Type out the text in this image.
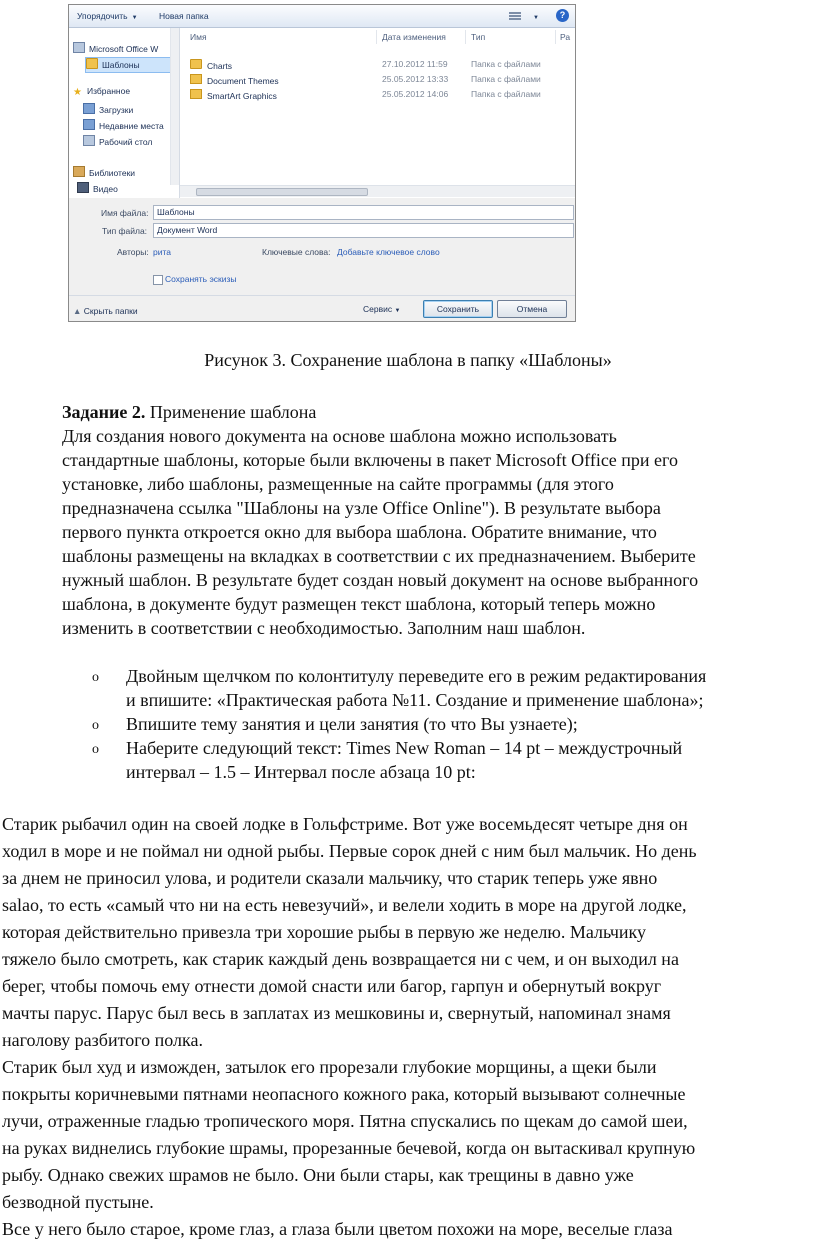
Упорядочить ▼	Новая папка	▼	?
Microsoft Office W
Шаблоны
★ Избранное
Загрузки
Недавние места
Рабочий стол
Библиотеки
Видео
Имя	Дата изменения	Тип	Ра
Charts	27.10.2012 11:59	Папка с файлами
Document Themes	25.05.2012 13:33	Папка с файлами
SmartArt Graphics	25.05.2012 14:06	Папка с файлами
Имя файла:	Шаблоны
Тип файла:	Документ Word
Авторы: рита	Ключевые слова: Добавьте ключевое слово
Сохранять эскизы
▲ Скрыть папки	Сервис ▼	Сохранить	Отмена
Рисунок 3. Сохранение шаблона в папку «Шаблоны»
Задание 2. Применение шаблона
Для создания нового документа на основе шаблона можно использовать
стандартные шаблоны, которые были включены в пакет Microsoft Office при его
установке, либо шаблоны, размещенные на сайте программы (для этого
предназначена ссылка "Шаблоны на узле Office Online"). В результате выбора
первого пункта откроется окно для выбора шаблона. Обратите внимание, что
шаблоны размещены на вкладках в соответствии с их предназначением. Выберите
нужный шаблон. В результате будет создан новый документ на основе выбранного
шаблона, в документе будут размещен текст шаблона, который теперь можно
изменить в соответствии с необходимостью. Заполним наш шаблон.
o Двойным щелчком по колонтитулу переведите его в режим редактирования
и впишите: «Практическая работа №11. Создание и применение шаблона»;
o Впишите тему занятия и цели занятия (то что Вы узнаете);
o Наберите следующий текст: Times New Roman – 14 pt – междустрочный
интервал – 1.5 – Интервал после абзаца 10 pt:
Старик рыбачил один на своей лодке в Гольфстриме. Вот уже восемьдесят четыре дня он
ходил в море и не поймал ни одной рыбы. Первые сорок дней с ним был мальчик. Но день
за днем не приносил улова, и родители сказали мальчику, что старик теперь уже явно
salao, то есть «самый что ни на есть невезучий», и велели ходить в море на другой лодке,
которая действительно привезла три хорошие рыбы в первую же неделю. Мальчику
тяжело было смотреть, как старик каждый день возвращается ни с чем, и он выходил на
берег, чтобы помочь ему отнести домой снасти или багор, гарпун и обернутый вокруг
мачты парус. Парус был весь в заплатах из мешковины и, свернутый, напоминал знамя
наголову разбитого полка.
Старик был худ и изможден, затылок его прорезали глубокие морщины, а щеки были
покрыты коричневыми пятнами неопасного кожного рака, который вызывают солнечные
лучи, отраженные гладью тропического моря. Пятна спускались по щекам до самой шеи,
на руках виднелись глубокие шрамы, прорезанные бечевой, когда он вытаскивал крупную
рыбу. Однако свежих шрамов не было. Они были стары, как трещины в давно уже
безводной пустыне.
Все у него было старое, кроме глаз, а глаза были цветом похожи на море, веселые глаза
